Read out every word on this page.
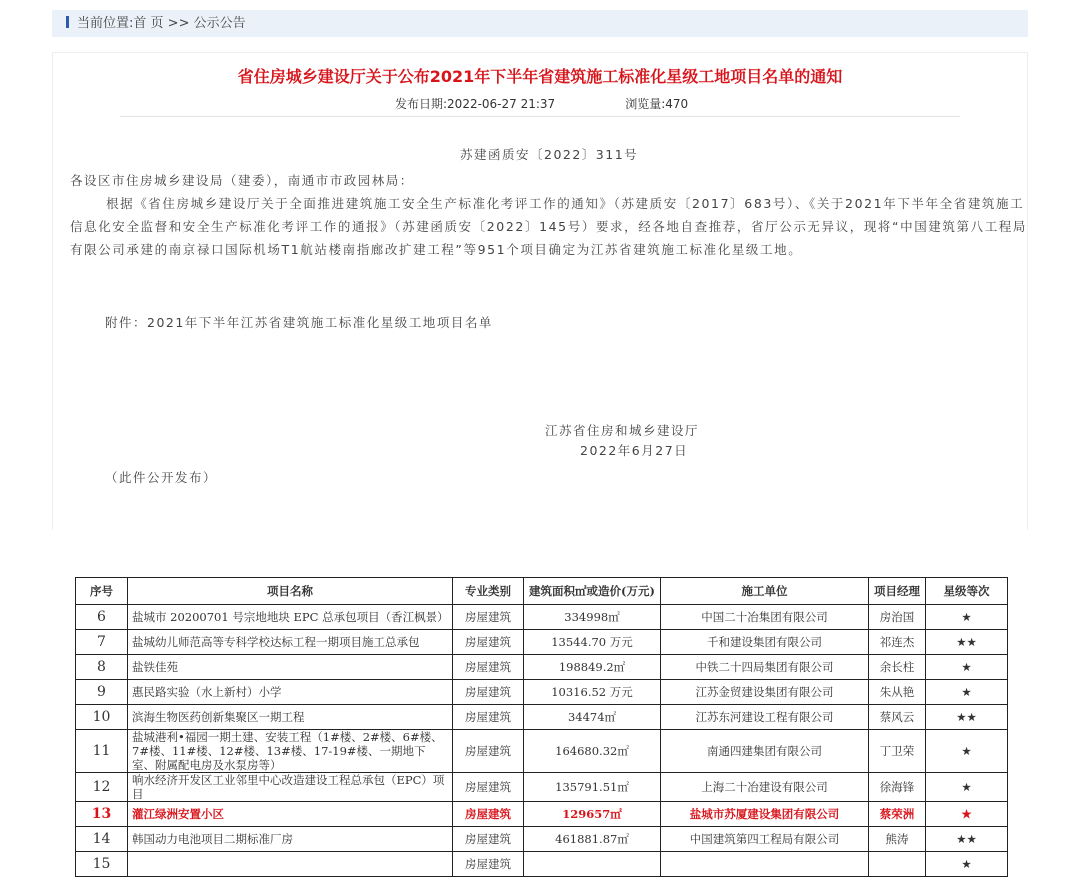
当前位置:首 页 >> 公示公告
省住房城乡建设厅关于公布2021年下半年省建筑施工标准化星级工地项目名单的通知
发布日期:2022-06-27 21:37	浏览量:470
苏建函质安〔2022〕311号
各设区市住房城乡建设局（建委），南通市市政园林局：
根据《省住房城乡建设厅关于全面推进建筑施工安全生产标准化考评工作的通知》（苏建质安〔2017〕683号）、《关于2021年下半年全省建筑施工信息化安全监督和安全生产标准化考评工作的通报》（苏建函质安〔2022〕145号）要求，经各地自查推荐，省厅公示无异议，现将“中国建筑第八工程局有限公司承建的南京禄口国际机场T1航站楼南指廊改扩建工程”等951个项目确定为江苏省建筑施工标准化星级工地。
附件：2021年下半年江苏省建筑施工标准化星级工地项目名单
江苏省住房和城乡建设厅
2022年6月27日
（此件公开发布）
序号	项目名称	专业类别	建筑面积㎡或造价(万元)	施工单位	项目经理	星级等次
6	盐城市 20200701 号宗地地块 EPC 总承包项目（香江枫景）	房屋建筑	334998㎡	中国二十冶集团有限公司	房治国	★
7	盐城幼儿师范高等专科学校达标工程一期项目施工总承包	房屋建筑	13544.70 万元	千和建设集团有限公司	祁连杰	★★
8	盐铁佳苑	房屋建筑	198849.2㎡	中铁二十四局集团有限公司	余长柱	★
9	惠民路实验（水上新村）小学	房屋建筑	10316.52 万元	江苏金贸建设集团有限公司	朱从艳	★
10	滨海生物医药创新集聚区一期工程	房屋建筑	34474㎡	江苏东河建设工程有限公司	蔡风云	★★
11	盐城港利•福园一期土建、安装工程（1#楼、2#楼、6#楼、7#楼、11#楼、12#楼、13#楼、17-19#楼、一期地下室、附属配电房及水泵房等）	房屋建筑	164680.32㎡	南通四建集团有限公司	丁卫荣	★
12	响水经济开发区工业邻里中心改造建设工程总承包（EPC）项目	房屋建筑	135791.51㎡	上海二十冶建设有限公司	徐海锋	★
13	灌江绿洲安置小区	房屋建筑	129657㎡	盐城市苏厦建设集团有限公司	蔡荣洲	★
14	韩国动力电池项目二期标准厂房	房屋建筑	461881.87㎡	中国建筑第四工程局有限公司	熊涛	★★
15		房屋建筑				★
